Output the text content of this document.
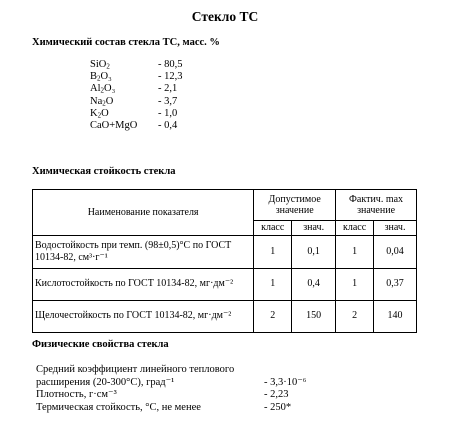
Стекло ТС
Химический состав стекла ТС, масс. %
SiO$_2$	- 80,5
$B_2O_3$	- 12,3
$Al_2O_3$	- 2,1
$Na_2O$	- 3,7
$K_2O$	- 1,0
CaO+MgO	- 0,4
Химическая стойкость стекла
Наименование показателя	Допустимое значение		Фактич. max значение	
	класс	знач.	класс	знач.
Водостойкость при темп. (98±0,5)°С по ГОСТ 10134-82, см³·г⁻¹	1	0,1	1	0,04
Кислотостойкость по ГОСТ 10134-82, мг·дм⁻²	1	0,4	1	0,37
Щелочестойкость по ГОСТ 10134-82, мг·дм⁻²	2	150	2	140
Физические свойства стекла
Средний коэффициент линейного теплового расширения (20-300°С), град⁻¹	- 3,3·10⁻⁶
Плотность, г·см⁻³	- 2,23
Термическая стойкость, °С, не менее	- 250*
